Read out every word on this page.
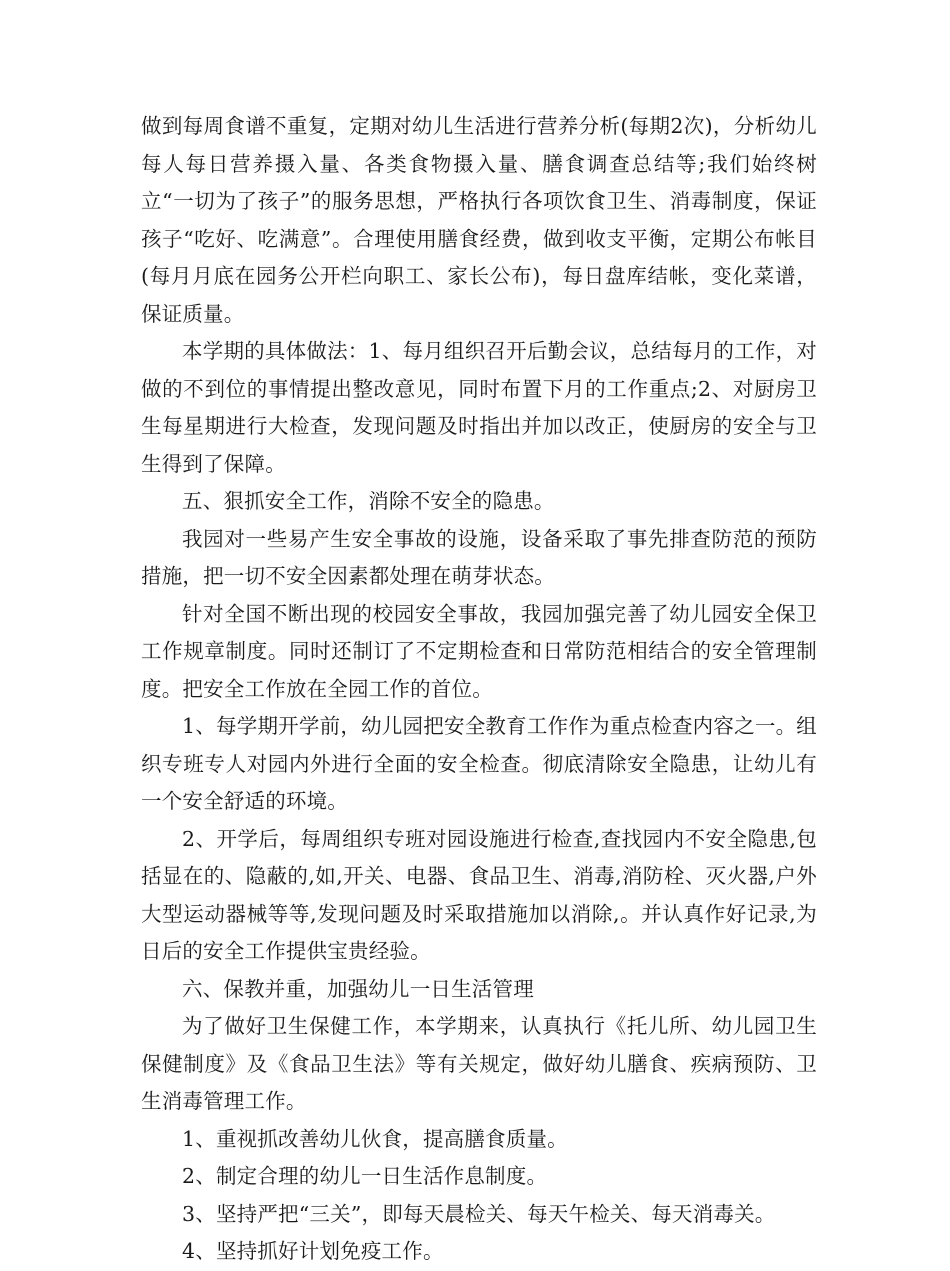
做到每周食谱不重复，定期对幼儿生活进行营养分析(每期2次)，分析幼儿每人每日营养摄入量、各类食物摄入量、膳食调查总结等;我们始终树立“一切为了孩子”的服务思想，严格执行各项饮食卫生、消毒制度，保证孩子“吃好、吃满意”。合理使用膳食经费，做到收支平衡，定期公布帐目(每月月底在园务公开栏向职工、家长公布)，每日盘库结帐，变化菜谱，保证质量。

本学期的具体做法：1、每月组织召开后勤会议，总结每月的工作，对做的不到位的事情提出整改意见，同时布置下月的工作重点;2、对厨房卫生每星期进行大检查，发现问题及时指出并加以改正，使厨房的安全与卫生得到了保障。

五、狠抓安全工作，消除不安全的隐患。

我园对一些易产生安全事故的设施，设备采取了事先排查防范的预防措施，把一切不安全因素都处理在萌芽状态。

针对全国不断出现的校园安全事故，我园加强完善了幼儿园安全保卫工作规章制度。同时还制订了不定期检查和日常防范相结合的安全管理制度。把安全工作放在全园工作的首位。

1、每学期开学前，幼儿园把安全教育工作作为重点检查内容之一。组织专班专人对园内外进行全面的安全检查。彻底清除安全隐患，让幼儿有一个安全舒适的环境。

2、开学后，每周组织专班对园设施进行检查,查找园内不安全隐患,包括显在的、隐蔽的,如,开关、电器、食品卫生、消毒,消防栓、灭火器,户外大型运动器械等等,发现问题及时采取措施加以消除,。并认真作好记录,为日后的安全工作提供宝贵经验。

六、保教并重，加强幼儿一日生活管理

为了做好卫生保健工作，本学期来，认真执行《托儿所、幼儿园卫生保健制度》及《食品卫生法》等有关规定，做好幼儿膳食、疾病预防、卫生消毒管理工作。

1、重视抓改善幼儿伙食，提高膳食质量。

2、制定合理的幼儿一日生活作息制度。

3、坚持严把“三关”，即每天晨检关、每天午检关、每天消毒关。

4、坚持抓好计划免疫工作。
